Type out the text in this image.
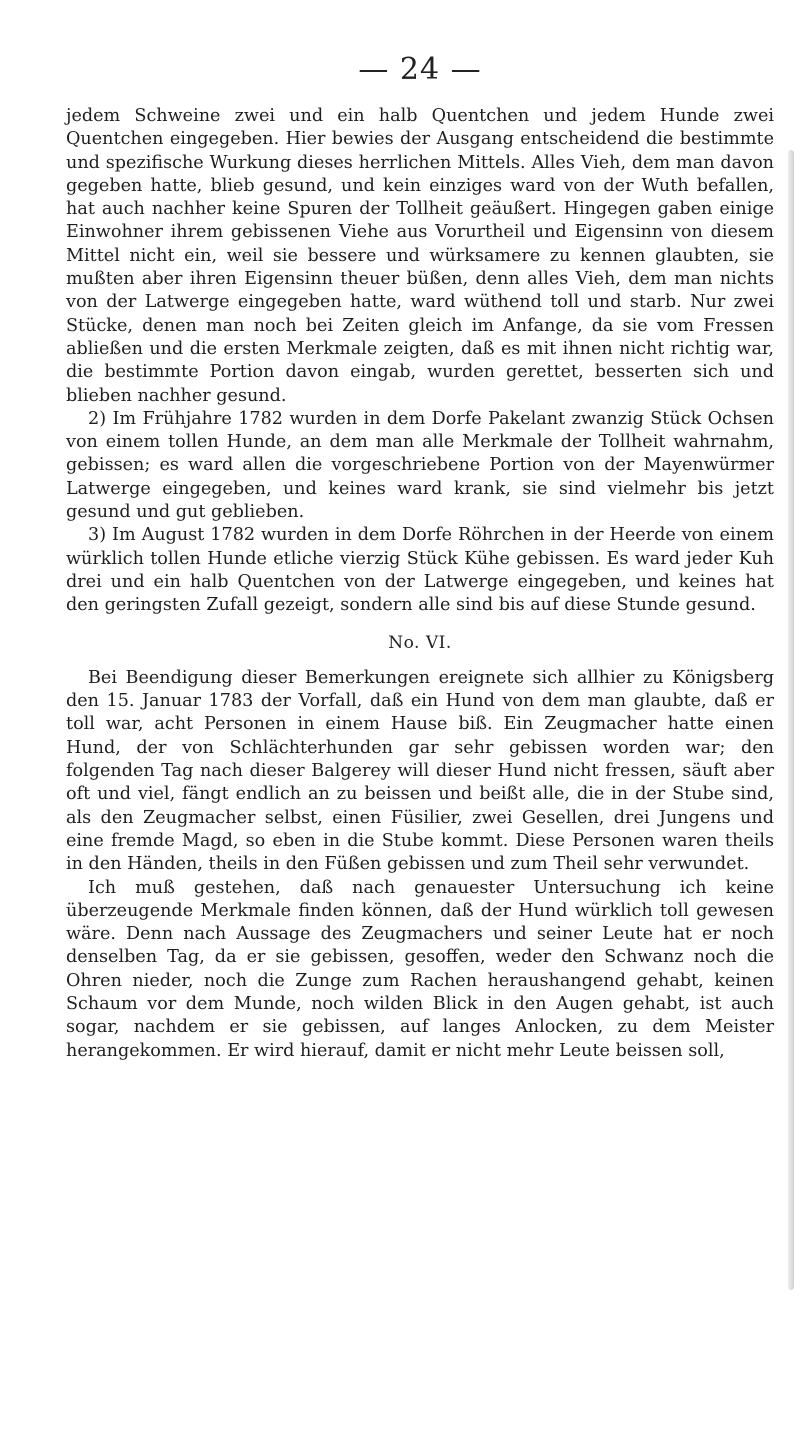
— 24 —

jedem Schweine zwei und ein halb Quentchen und jedem Hunde zwei Quentchen eingegeben. Hier bewies der Ausgang entscheidend die bestimmte und spezifische Wurkung dieses herrlichen Mittels. Alles Vieh, dem man davon gegeben hatte, blieb gesund, und kein einziges ward von der Wuth befallen, hat auch nachher keine Spuren der Tollheit geäußert. Hingegen gaben einige Einwohner ihrem gebissenen Viehe aus Vorurtheil und Eigensinn von diesem Mittel nicht ein, weil sie bessere und würksamere zu kennen glaubten, sie mußten aber ihren Eigensinn theuer büßen, denn alles Vieh, dem man nichts von der Latwerge eingegeben hatte, ward wüthend toll und starb. Nur zwei Stücke, denen man noch bei Zeiten gleich im Anfange, da sie vom Fressen abließen und die ersten Merkmale zeigten, daß es mit ihnen nicht richtig war, die bestimmte Portion davon eingab, wurden gerettet, besserten sich und blieben nachher gesund.

2) Im Frühjahre 1782 wurden in dem Dorfe Pakelant zwanzig Stück Ochsen von einem tollen Hunde, an dem man alle Merkmale der Tollheit wahrnahm, gebissen; es ward allen die vorgeschriebene Portion von der Mayenwürmer Latwerge eingegeben, und keines ward krank, sie sind vielmehr bis jetzt gesund und gut geblieben.

3) Im August 1782 wurden in dem Dorfe Röhrchen in der Heerde von einem würklich tollen Hunde etliche vierzig Stück Kühe gebissen. Es ward jeder Kuh drei und ein halb Quentchen von der Latwerge eingegeben, und keines hat den geringsten Zufall gezeigt, sondern alle sind bis auf diese Stunde gesund.

No. VI.

Bei Beendigung dieser Bemerkungen ereignete sich allhier zu Königsberg den 15. Januar 1783 der Vorfall, daß ein Hund von dem man glaubte, daß er toll war, acht Personen in einem Hause biß. Ein Zeugmacher hatte einen Hund, der von Schlächterhunden gar sehr gebissen worden war; den folgenden Tag nach dieser Balgerey will dieser Hund nicht fressen, säuft aber oft und viel, fängt endlich an zu beissen und beißt alle, die in der Stube sind, als den Zeugmacher selbst, einen Füsilier, zwei Gesellen, drei Jungens und eine fremde Magd, so eben in die Stube kommt. Diese Personen waren theils in den Händen, theils in den Füßen gebissen und zum Theil sehr verwundet.

Ich muß gestehen, daß nach genauester Untersuchung ich keine überzeugende Merkmale finden können, daß der Hund würklich toll gewesen wäre. Denn nach Aussage des Zeugmachers und seiner Leute hat er noch denselben Tag, da er sie gebissen, gesoffen, weder den Schwanz noch die Ohren nieder, noch die Zunge zum Rachen heraushangend gehabt, keinen Schaum vor dem Munde, noch wilden Blick in den Augen gehabt, ist auch sogar, nachdem er sie gebissen, auf langes Anlocken, zu dem Meister herangekommen. Er wird hierauf, damit er nicht mehr Leute beissen soll,
